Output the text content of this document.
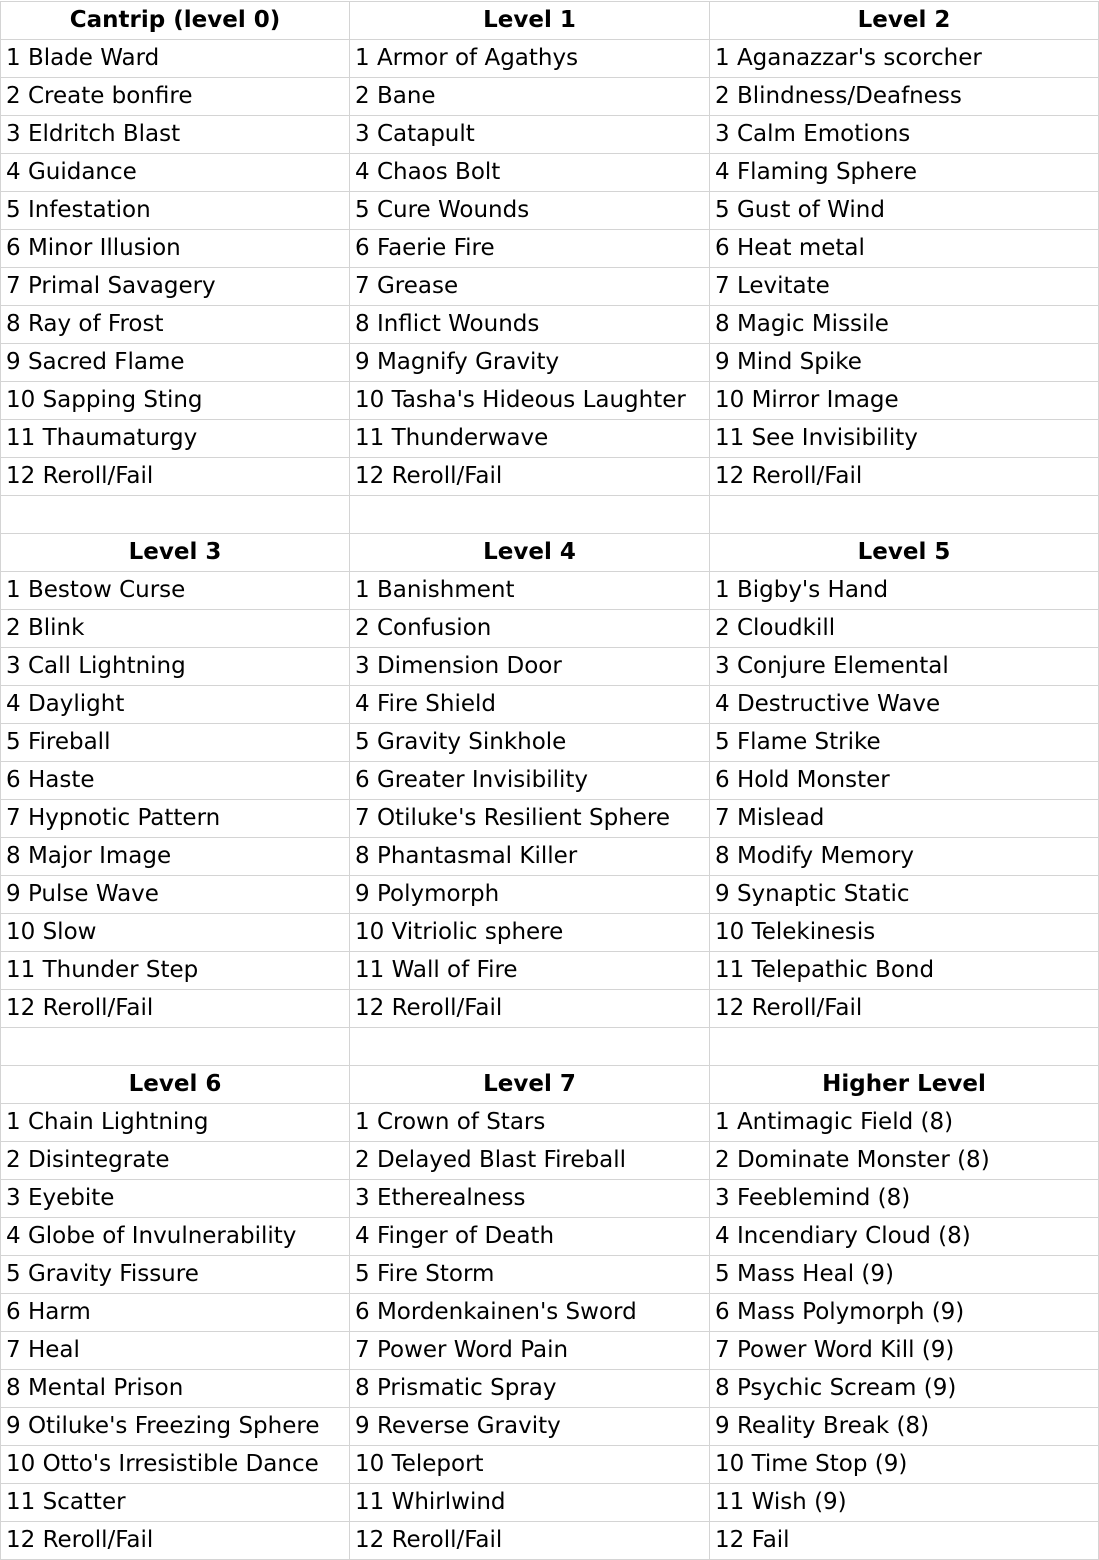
Cantrip (level 0)	Level 1	Level 2
1 Blade Ward	1 Armor of Agathys	1 Aganazzar's scorcher
2 Create bonfire	2 Bane	2 Blindness/Deafness
3 Eldritch Blast	3 Catapult	3 Calm Emotions
4 Guidance	4 Chaos Bolt	4 Flaming Sphere
5 Infestation	5 Cure Wounds	5 Gust of Wind
6 Minor Illusion	6 Faerie Fire	6 Heat metal
7 Primal Savagery	7 Grease	7 Levitate
8 Ray of Frost	8 Inflict Wounds	8 Magic Missile
9 Sacred Flame	9 Magnify Gravity	9 Mind Spike
10 Sapping Sting	10 Tasha's Hideous Laughter	10 Mirror Image
11 Thaumaturgy	11 Thunderwave	11 See Invisibility
12 Reroll/Fail	12 Reroll/Fail	12 Reroll/Fail

Level 3	Level 4	Level 5
1 Bestow Curse	1 Banishment	1 Bigby's Hand
2 Blink	2 Confusion	2 Cloudkill
3 Call Lightning	3 Dimension Door	3 Conjure Elemental
4 Daylight	4 Fire Shield	4 Destructive Wave
5 Fireball	5 Gravity Sinkhole	5 Flame Strike
6 Haste	6 Greater Invisibility	6 Hold Monster
7 Hypnotic Pattern	7 Otiluke's Resilient Sphere	7 Mislead
8 Major Image	8 Phantasmal Killer	8 Modify Memory
9 Pulse Wave	9 Polymorph	9 Synaptic Static
10 Slow	10 Vitriolic sphere	10 Telekinesis
11 Thunder Step	11 Wall of Fire	11 Telepathic Bond
12 Reroll/Fail	12 Reroll/Fail	12 Reroll/Fail

Level 6	Level 7	Higher Level
1 Chain Lightning	1 Crown of Stars	1 Antimagic Field (8)
2 Disintegrate	2 Delayed Blast Fireball	2 Dominate Monster (8)
3 Eyebite	3 Etherealness	3 Feeblemind (8)
4 Globe of Invulnerability	4 Finger of Death	4 Incendiary Cloud (8)
5 Gravity Fissure	5 Fire Storm	5 Mass Heal (9)
6 Harm	6 Mordenkainen's Sword	6 Mass Polymorph (9)
7 Heal	7 Power Word Pain	7 Power Word Kill (9)
8 Mental Prison	8 Prismatic Spray	8 Psychic Scream (9)
9 Otiluke's Freezing Sphere	9 Reverse Gravity	9 Reality Break (8)
10 Otto's Irresistible Dance	10 Teleport	10 Time Stop (9)
11 Scatter	11 Whirlwind	11 Wish (9)
12 Reroll/Fail	12 Reroll/Fail	12 Fail
